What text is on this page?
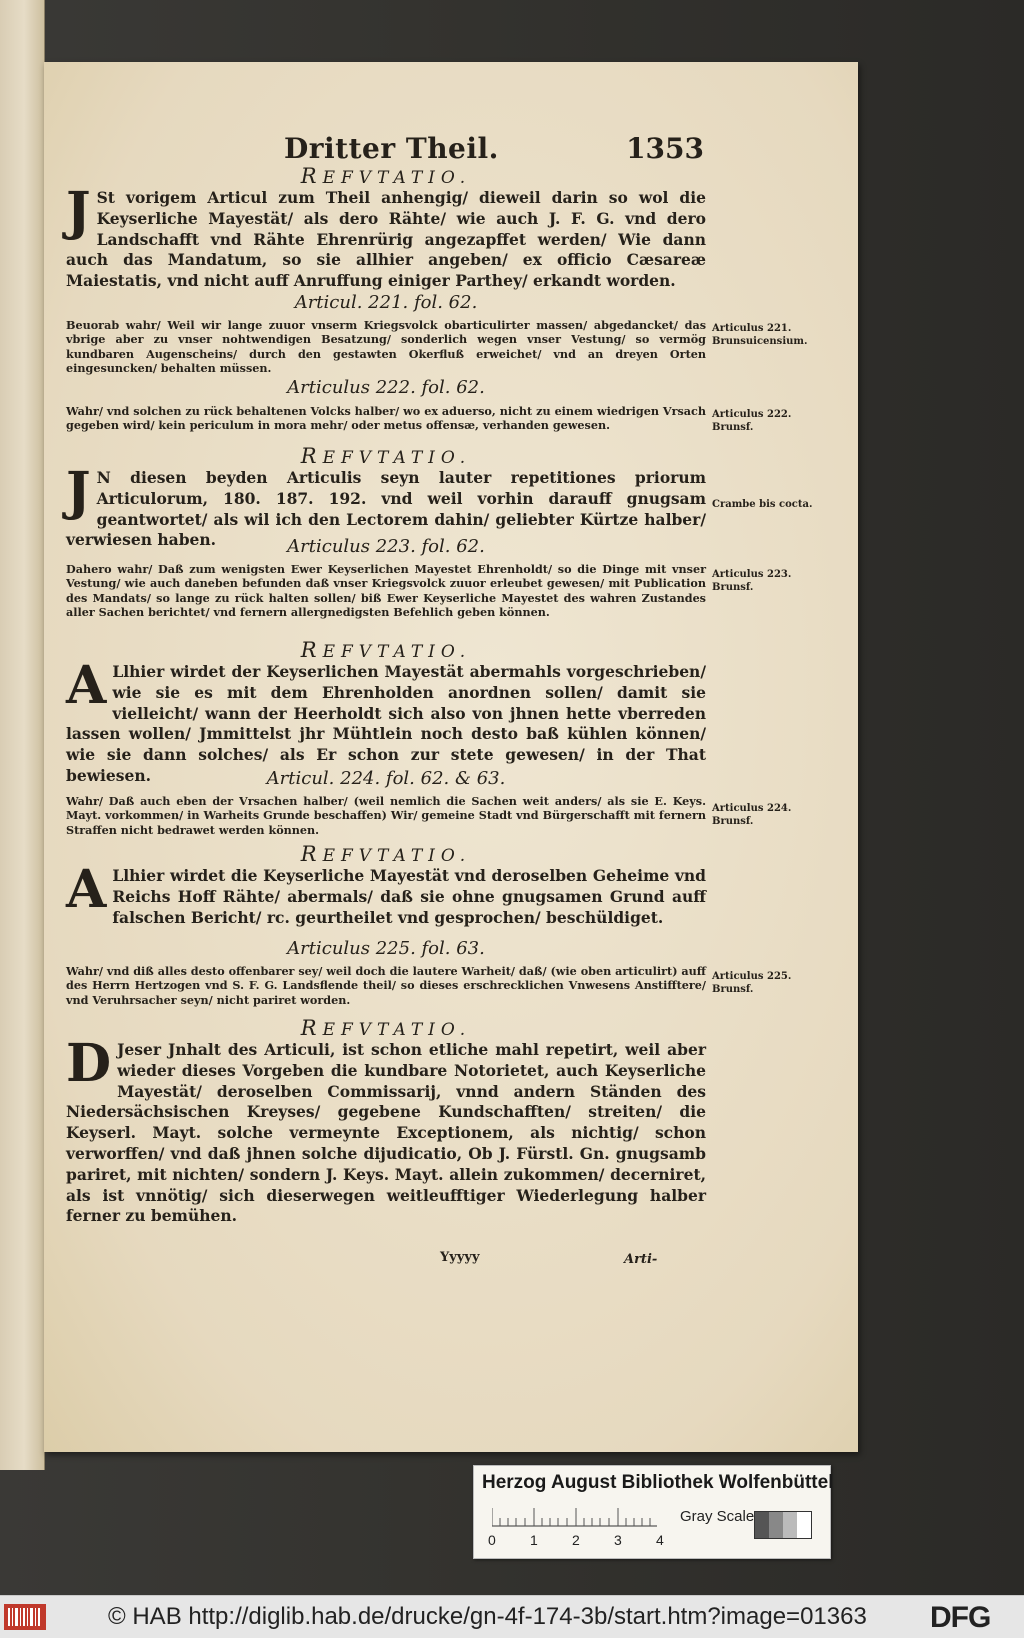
Dritter Theil.	1353
REFVTATIO.
J St vorigem Articul zum Theil anhengig/ dieweil darin so wol die Keyserliche Mayestät/ als dero Rähte/ wie auch J. F. G. vnd dero Landschafft vnd Rähte Ehrenrürig angezapffet werden/ Wie dann auch das Mandatum, so sie allhier angeben/ ex officio Cæsareæ Maiestatis, vnd nicht auff Anruffung einiger Parthey/ erkandt worden.
Articul. 221. fol. 62.
Beuorab wahr/ Weil wir lange zuuor vnserm Kriegsvolck obarticulirter massen/ abgedancket/ das vbrige aber zu vnser nohtwendigen Besatzung/ sonderlich wegen vnser Vestung/ so vermög kundbaren Augenscheins/ durch den gestawten Okerfluß erweichet/ vnd an dreyen Orten eingesuncken/ behalten müssen.
Articulus 221. Brunsuicensium.
Articulus 222. fol. 62.
Wahr/ vnd solchen zu rück behaltenen Volcks halber/ wo ex aduerso, nicht zu einem wiedrigen Vrsach gegeben wird/ kein periculum in mora mehr/ oder metus offensæ, verhanden gewesen.
Articulus 222. Brunsf.
REFVTATIO.
J N diesen beyden Articulis seyn lauter repetitiones priorum Articulorum, 180. 187. 192. vnd weil vorhin darauff gnugsam geantwortet/ als wil ich den Lectorem dahin/ geliebter Kürtze halber/ verwiesen haben.
Crambe bis cocta.
Articulus 223. fol. 62.
Dahero wahr/ Daß zum wenigsten Ewer Keyserlichen Mayestet Ehrenholdt/ so die Dinge mit vnser Vestung/ wie auch daneben befunden daß vnser Kriegsvolck zuuor erleubet gewesen/ mit Publication des Mandats/ so lange zu rück halten sollen/ biß Ewer Keyserliche Mayestet des wahren Zustandes aller Sachen berichtet/ vnd fernern allergnedigsten Befehlich geben können.
Articulus 223. Brunsf.
REFVTATIO.
A Llhier wirdet der Keyserlichen Mayestät abermahls vorgeschrieben/ wie sie es mit dem Ehrenholden anordnen sollen/ damit sie vielleicht/ wann der Heerholdt sich also von jhnen hette vberreden lassen wollen/ Jmmittelst jhr Mühtlein noch desto baß kühlen können/ wie sie dann solches/ als Er schon zur stete gewesen/ in der That bewiesen.	Articul. 224. fol. 62. & 63.
Wahr/ Daß auch eben der Vrsachen halber/ (weil nemlich die Sachen weit anders/ als sie E. Keys. Mayt. vorkommen/ in Warheits Grunde beschaffen) Wir/ gemeine Stadt vnd Bürgerschafft mit fernern Straffen nicht bedrawet werden können.
Articulus 224. Brunsf.
REFVTATIO.
A Llhier wirdet die Keyserliche Mayestät vnd deroselben Geheime vnd Reichs Hoff Rähte/ abermals/ daß sie ohne gnugsamen Grund auff falschen Bericht/ rc. geurtheilet vnd gesprochen/ beschüldiget.
Articulus 225. fol. 63.
Wahr/ vnd diß alles desto offenbarer sey/ weil doch die lautere Warheit/ daß/ (wie oben articulirt) auff des Herrn Hertzogen vnd S. F. G. Landsflende theil/ so dieses erschrecklichen Vnwesens Anstifftere/ vnd Veruhrsacher seyn/ nicht pariret worden.
Articulus 225. Brunsf.
REFVTATIO.
D Jeser Jnhalt des Articuli, ist schon etliche mahl repetirt, weil aber wieder dieses Vorgeben die kundbare Notorietet, auch Keyserliche Mayestät/ deroselben Commissarij, vnnd andern Ständen des Niedersächsischen Kreyses/ gegebene Kundschafften/ streiten/ die Keyserl. Mayt. solche vermeynte Exceptionem, als nichtig/ schon verworffen/ vnd daß jhnen solche dijudicatio, Ob J. Fürstl. Gn. gnugsamb pariret, mit nichten/ sondern J. Keys. Mayt. allein zukommen/ decerniret, als ist vnnötig/ sich dieserwegen weitleufftiger Wiederlegung halber ferner zu bemühen.
Yyyyy	Arti-
Herzog August Bibliothek Wolfenbüttel
0 1 2 3 4
Gray Scale
© HAB http://diglib.hab.de/drucke/gn-4f-174-3b/start.htm?image=01363 DFG
